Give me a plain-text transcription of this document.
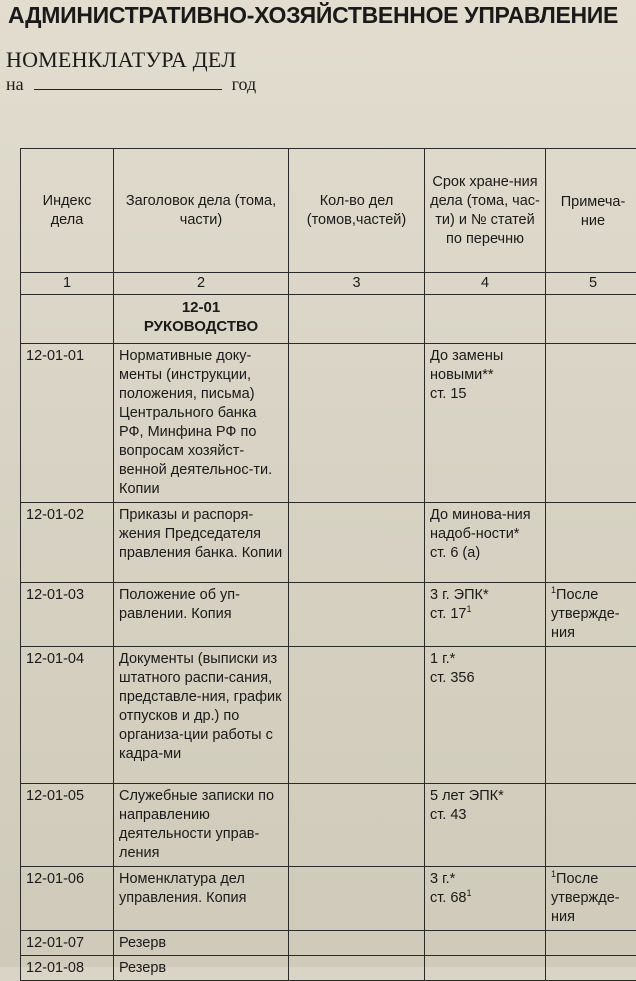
АДМИНИСТРАТИВНО-ХОЗЯЙСТВЕННОЕ УПРАВЛЕНИЕ
НОМЕНКЛАТУРА ДЕЛ
на	год
Индекс дела	Заголовок дела (тома, части)	Кол-во дел (томов,частей)	Срок хране-ния дела (тома, час-ти) и № статей по перечню	Примеча-ние
1	2	3	4	5

	12-01
РУКОВОДСТВО			

12-01-01	Нормативные доку-менты (инструкции, положения, письма) Центрального банка РФ, Минфина РФ по вопросам хозяйст-венной деятельнос-ти. Копии		До замены новыми**
ст. 15	

12-01-02	Приказы и распоря-жения Председателя правления банка. Копии		До минова-ния надоб-ности*
ст. 6 (а)	

12-01-03	Положение об уп-равлении. Копия		3 г. ЭПК*
ст. $17^1$	$^1$После утвержде-ния
12-01-04	Документы (выписки из штатного распи-сания, представле-ния, график отпусков и др.) по организа-ции работы с кадра-ми		1 г.*
ст. 356	

12-01-05	Служебные записки по направлению деятельности управ-ления		5 лет ЭПК*
ст. 43	

12-01-06	Номенклатура дел управления. Копия		3 г.*
ст. $68^1$	$^1$После утвержде-ния
12-01-07	Резерв			
12-01-08	Резерв			
